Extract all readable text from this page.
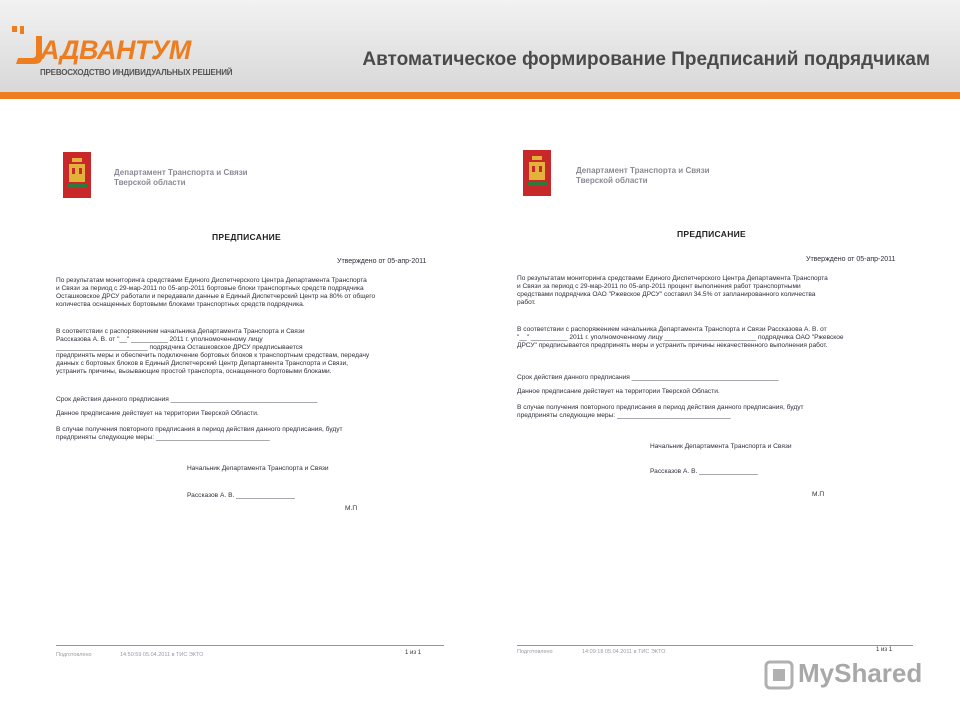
АДВАНТУМ
ПРЕВОСХОДСТВО ИНДИВИДУАЛЬНЫХ РЕШЕНИЙ
Автоматическое формирование Предписаний подрядчикам
Департамент Транспорта и Связи
Тверской области
ПРЕДПИСАНИЕ
Утверждено от 05-апр-2011
По результатам мониторинга средствами Единого Диспетчерского Центра Департамента Транспорта
и Связи за период с 29-мар-2011 по 05-апр-2011 бортовые блоки транспортных средств подрядчика
Осташковское ДРСУ работали и передавали данные в Единый Диспетчерский Центр на 80% от общего
количества оснащенных бортовыми блоками транспортных средств подрядчика.
В соответствии с распоряжением начальника Департамента Транспорта и Связи
Рассказова А. В. от "__" __________ 2011 г. уполномоченному лицу
_________________________ подрядчика Осташковское ДРСУ предписывается
предпринять меры и обеспечить подключение бортовых блоков к транспортным средствам, передачу
данных с бортовых блоков в Единый Диспетчерский Центр Департамента Транспорта и Связи,
устранить причины, вызывающие простой транспорта, оснащенного бортовыми блоками.
Срок действия данного предписания ________________________________________
Данное предписание действует на территории Тверской Области.
В случае получения повторного предписания в период действия данного предписания, будут
предприняты следующие меры: _______________________________
Начальник Департамента Транспорта и Связи
Рассказов А. В. ________________
М.П
Подготовлено	14:50:59 05.04.2011 в ТИС ЭКТО	1 из 1
Департамент Транспорта и Связи
Тверской области
ПРЕДПИСАНИЕ
Утверждено от 05-апр-2011
По результатам мониторинга средствами Единого Диспетчерского Центра Департамента Транспорта
и Связи за период с 29-мар-2011 по 05-апр-2011 процент выполнения работ транспортными
средствами подрядчика ОАО "Ржевское ДРСУ" составил 34.5% от запланированного количества
работ.
В соответствии с распоряжением начальника Департамента Транспорта и Связи Рассказова А. В. от
"__" __________ 2011 г. уполномоченному лицу _________________________ подрядчика ОАО "Ржевское
ДРСУ" предписывается предпринять меры и устранить причины некачественного выполнения работ.
Срок действия данного предписания ________________________________________
Данное предписание действует на территории Тверской Области.
В случае получения повторного предписания в период действия данного предписания, будут
предприняты следующие меры: _______________________________
Начальник Департамента Транспорта и Связи
Рассказов А. В. ________________
М.П
Подготовлено	14:09:18 05.04.2011 в ТИС ЭКТО	1 из 1
MyShared
